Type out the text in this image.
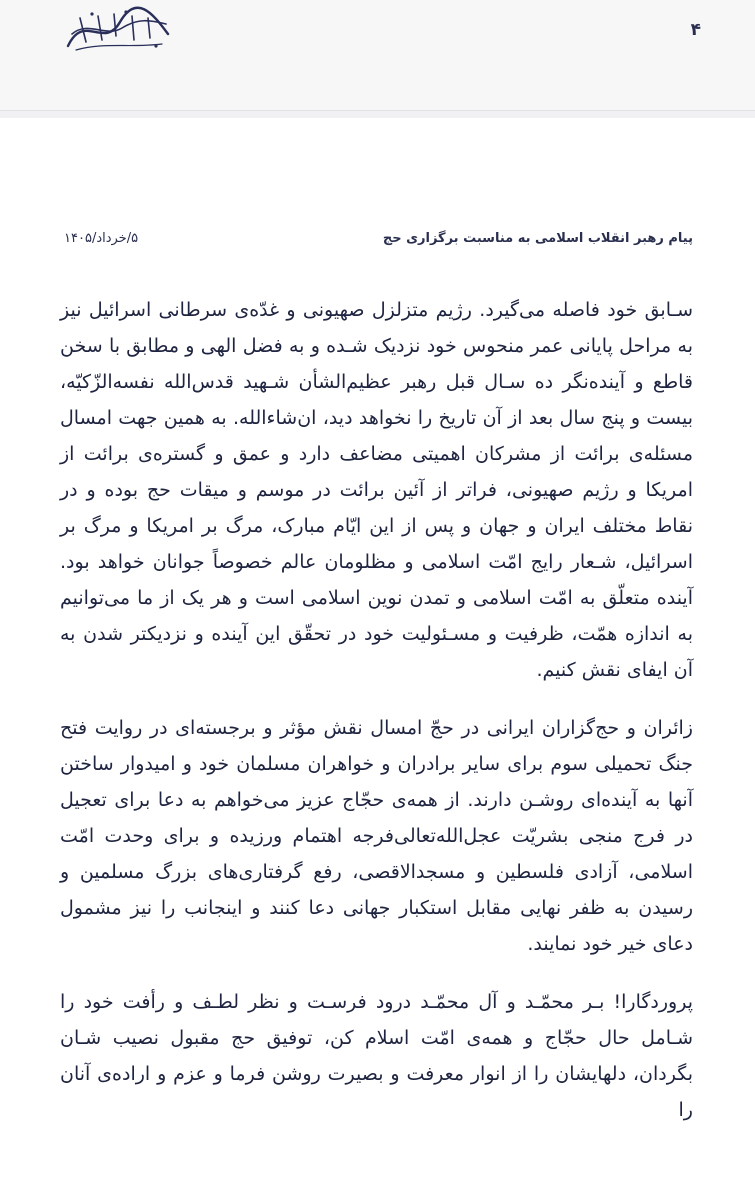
۴
پیام رهبر انقلاب اسلامی به مناسبت برگزاری حج
۵/خرداد/۱۴۰۵

سـابق خود فاصله می‌گیرد. رژیم متزلزل صهیونی و غدّه‌ی سرطانی اسرائیل نیز به مراحل پایانی عمر منحوس خود نزدیک شـده و به فضل الهی و مطابق با سخن قاطع و آینده‌نگر ده سـال قبل رهبر عظیم‌الشأن شـهید قدس‌الله نفسه‌الزّکیّه، بیست و پنج سال بعد از آن تاریخ را نخواهد دید، ان‌شاءالله. به همین جهت امسال مسئله‌ی برائت از مشرکان اهمیتی مضاعف دارد و عمق و گستره‌ی برائت از امریکا و رژیم صهیونی، فراتر از آئین برائت در موسم و میقات حج بوده و در نقاط مختلف ایران و جهان و پس از این ایّام مبارک، مرگ بر امریکا و مرگ بر اسرائیل، شـعار رایج امّت اسلامی و مظلومان عالم خصوصاً جوانان خواهد بود. آینده متعلّق به امّت اسلامی و تمدن نوین اسلامی است و هر یک از ما می‌توانیم به اندازه همّت، ظرفیت و مسـئولیت خود در تحقّق این آینده و نزدیکتر شدن به آن ایفای نقش کنیم.

زائران و حج‌گزاران ایرانی در حجّ امسال نقش مؤثر و برجسته‌ای در روایت فتح جنگ تحمیلی سوم برای سایر برادران و خواهران مسلمان خود و امیدوار ساختن آنها به آینده‌ای روشـن دارند. از همه‌ی حجّاج عزیز می‌خواهم به دعا برای تعجیل در فرج منجی بشریّت عجل‌الله‌تعالی‌فرجه اهتمام ورزیده و برای وحدت امّت اسلامی، آزادی فلسطین و مسجدالاقصی، رفع گرفتاری‌های بزرگ مسلمین و رسیدن به ظفر نهایی مقابل استکبار جهانی دعا کنند و اینجانب را نیز مشمول دعای خیر خود نمایند.

پروردگارا! بـر محمّـد و آل محمّـد درود فرسـت و نظر لطـف و رأفت خود را شـامل حال حجّاج و همه‌ی امّت اسلام کن، توفیق حج مقبول نصیب شـان بگردان، دلهایشان را از انوار معرفت و بصیرت روشن فرما و عزم و اراده‌ی آنان را
